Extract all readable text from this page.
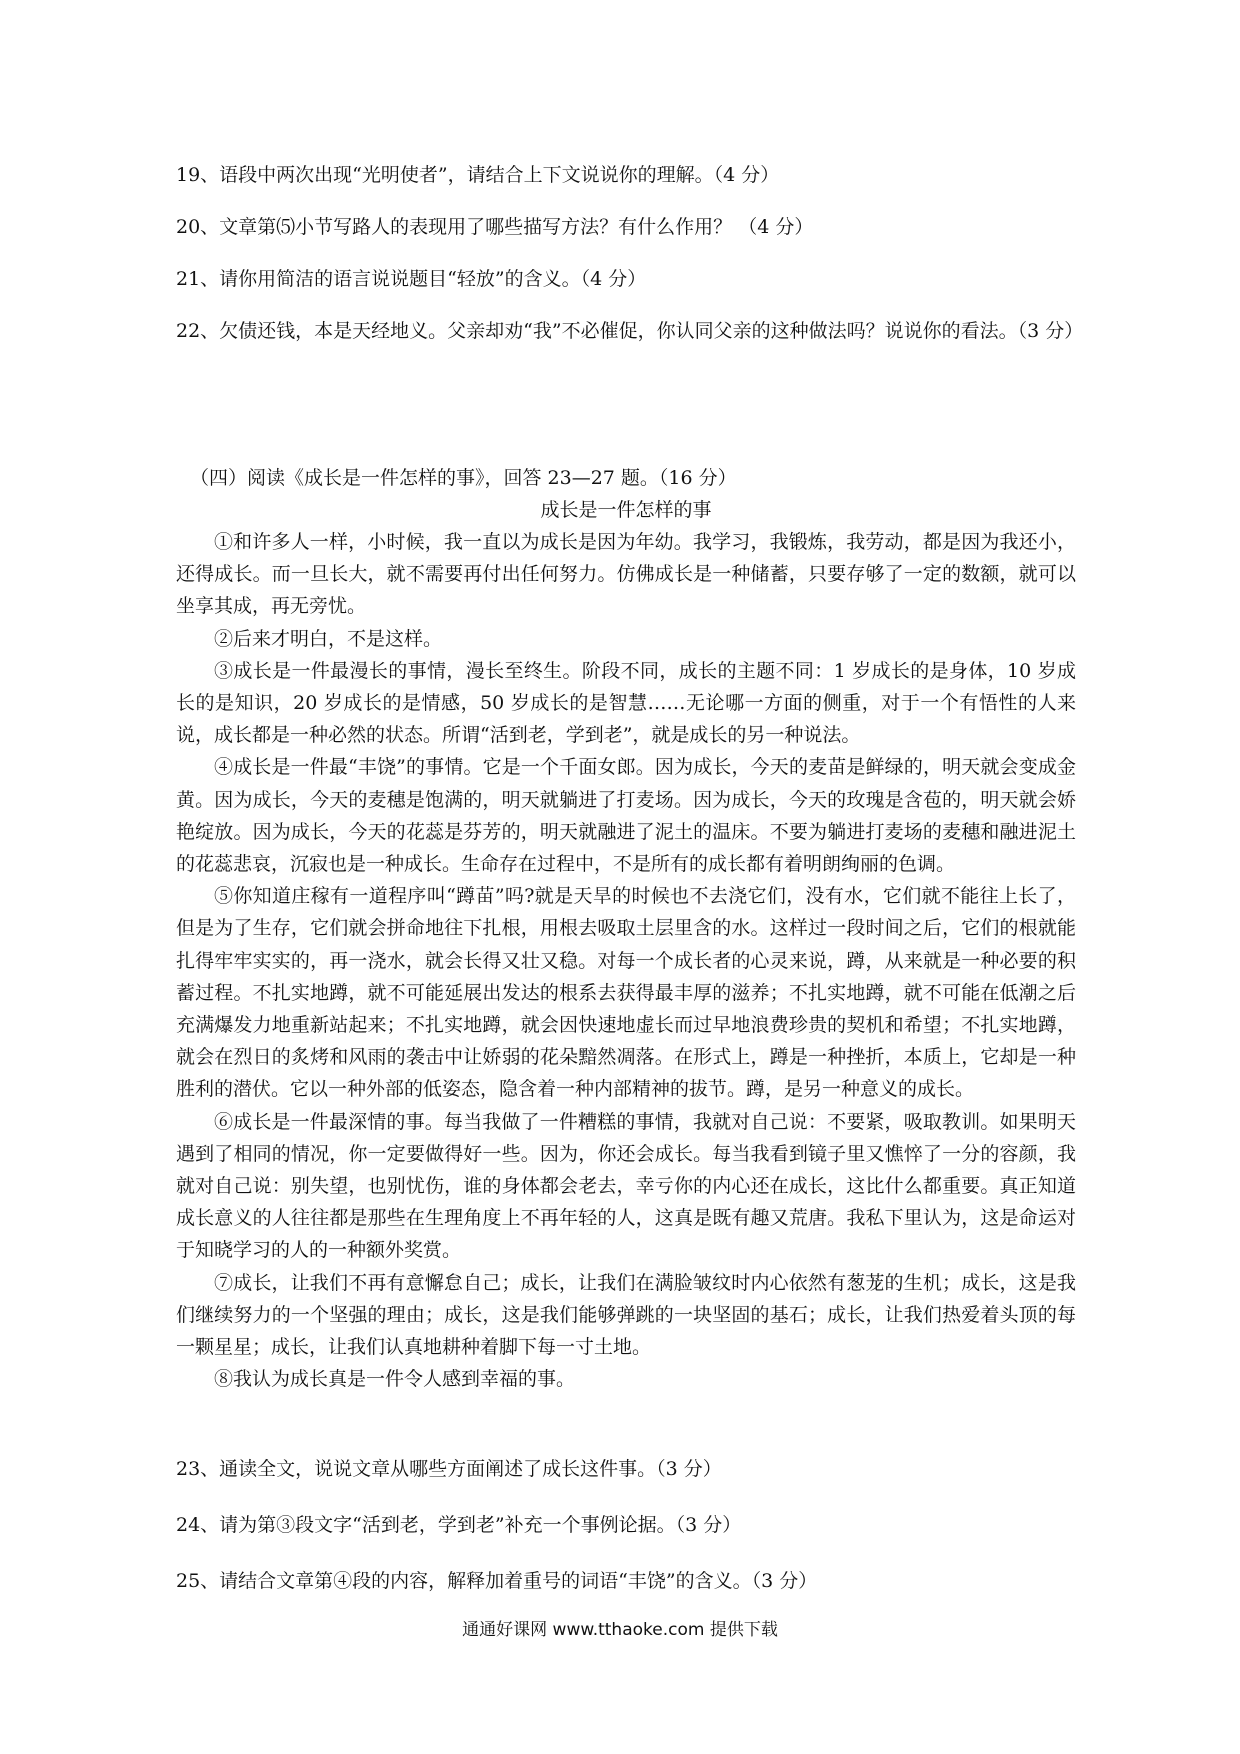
19、语段中两次出现“光明使者”，请结合上下文说说你的理解。（4 分）

20、文章第⑸小节写路人的表现用了哪些描写方法？有什么作用？ （4 分）

21、请你用简洁的语言说说题目“轻放”的含义。（4 分）

22、欠债还钱，本是天经地义。父亲却劝“我”不必催促，你认同父亲的这种做法吗？说说你的看法。（3 分）

（四）阅读《成长是一件怎样的事》，回答 23—27 题。（16 分）

成长是一件怎样的事

①和许多人一样，小时候，我一直以为成长是因为年幼。我学习，我锻炼，我劳动，都是因为我还小，还得成长。而一旦长大，就不需要再付出任何努力。仿佛成长是一种储蓄，只要存够了一定的数额，就可以坐享其成，再无旁忧。

②后来才明白，不是这样。

③成长是一件最漫长的事情，漫长至终生。阶段不同，成长的主题不同：1 岁成长的是身体，10 岁成长的是知识，20 岁成长的是情感，50 岁成长的是智慧……无论哪一方面的侧重，对于一个有悟性的人来说，成长都是一种必然的状态。所谓“活到老，学到老”，就是成长的另一种说法。

④成长是一件最“丰饶”的事情。它是一个千面女郎。因为成长，今天的麦苗是鲜绿的，明天就会变成金黄。因为成长，今天的麦穗是饱满的，明天就躺进了打麦场。因为成长，今天的玫瑰是含苞的，明天就会娇艳绽放。因为成长，今天的花蕊是芬芳的，明天就融进了泥土的温床。不要为躺进打麦场的麦穗和融进泥土的花蕊悲哀，沉寂也是一种成长。生命存在过程中，不是所有的成长都有着明朗绚丽的色调。

⑤你知道庄稼有一道程序叫“蹲苗”吗?就是天旱的时候也不去浇它们，没有水，它们就不能往上长了，但是为了生存，它们就会拼命地往下扎根，用根去吸取土层里含的水。这样过一段时间之后，它们的根就能扎得牢牢实实的，再一浇水，就会长得又壮又稳。对每一个成长者的心灵来说，蹲，从来就是一种必要的积蓄过程。不扎实地蹲，就不可能延展出发达的根系去获得最丰厚的滋养；不扎实地蹲，就不可能在低潮之后充满爆发力地重新站起来；不扎实地蹲，就会因快速地虚长而过早地浪费珍贵的契机和希望；不扎实地蹲，就会在烈日的炙烤和风雨的袭击中让娇弱的花朵黯然凋落。在形式上，蹲是一种挫折，本质上，它却是一种胜利的潜伏。它以一种外部的低姿态，隐含着一种内部精神的拔节。蹲，是另一种意义的成长。

⑥成长是一件最深情的事。每当我做了一件糟糕的事情，我就对自己说：不要紧，吸取教训。如果明天遇到了相同的情况，你一定要做得好一些。因为，你还会成长。每当我看到镜子里又憔悴了一分的容颜，我就对自己说：别失望，也别忧伤，谁的身体都会老去，幸亏你的内心还在成长，这比什么都重要。真正知道成长意义的人往往都是那些在生理角度上不再年轻的人，这真是既有趣又荒唐。我私下里认为，这是命运对于知晓学习的人的一种额外奖赏。

⑦成长，让我们不再有意懈怠自己；成长，让我们在满脸皱纹时内心依然有葱茏的生机；成长，这是我们继续努力的一个坚强的理由；成长，这是我们能够弹跳的一块坚固的基石；成长，让我们热爱着头顶的每一颗星星；成长，让我们认真地耕种着脚下每一寸土地。

⑧我认为成长真是一件令人感到幸福的事。

23、通读全文，说说文章从哪些方面阐述了成长这件事。（3 分）

24、请为第③段文字“活到老，学到老”补充一个事例论据。（3 分）

25、请结合文章第④段的内容，解释加着重号的词语“丰饶”的含义。（3 分）

通通好课网 www.tthaoke.com 提供下载
